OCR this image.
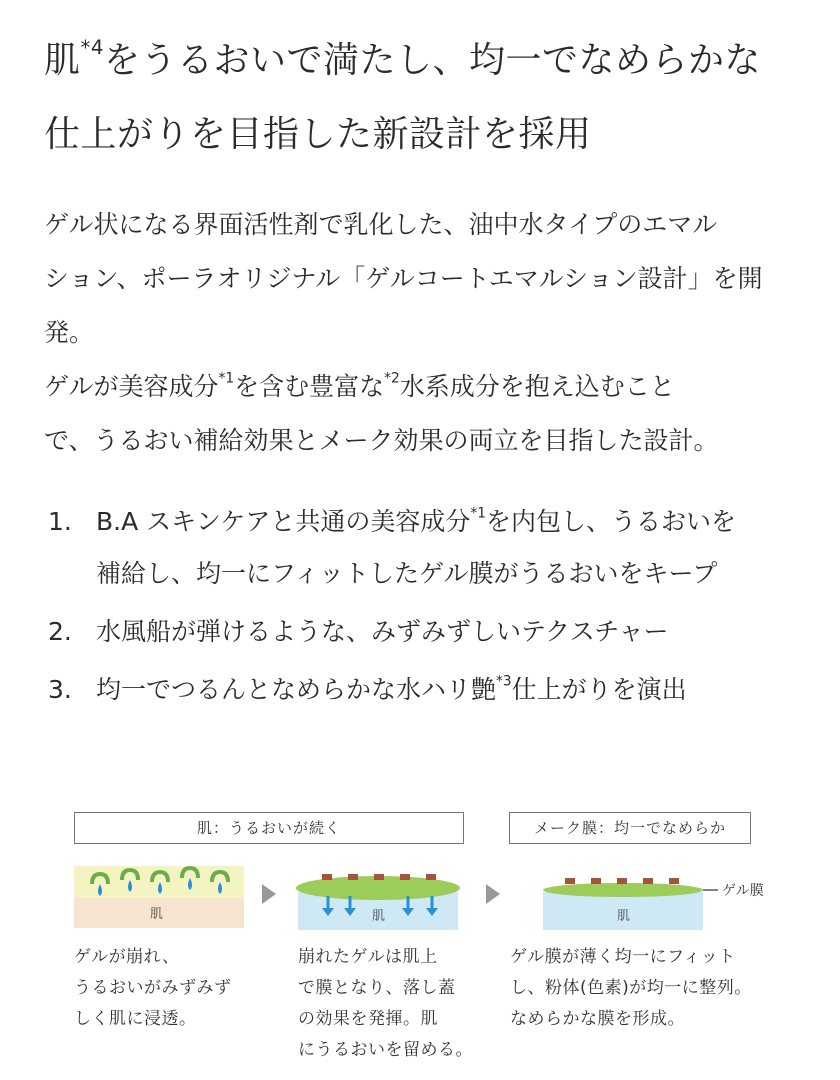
肌$^{*4}$をうるおいで満たし、均一でなめらかな
仕上がりを目指した新設計を採用

ゲル状になる界面活性剤で乳化した、油中水タイプのエマル
ション、ポーラオリジナル「ゲルコートエマルション設計」を開
発。
ゲルが美容成分$^{*1}$を含む豊富な$^{*2}$水系成分を抱え込むこと
で、うるおい補給効果とメーク効果の両立を目指した設計。

1. B.A スキンケアと共通の美容成分$^{*1}$を内包し、うるおいを
補給し、均一にフィットしたゲル膜がうるおいをキープ
2. 水風船が弾けるような、みずみずしいテクスチャー
3. 均一でつるんとなめらかな水ハリ艶$^{*3}$仕上がりを演出
肌：うるおいが続く	メーク膜：均一でなめらか
肌	肌
ゲル膜
肌

ゲルが崩れ、
うるおいがみずみず
しく肌に浸透。

崩れたゲルは肌上
で膜となり、落し蓋
の効果を発揮。肌
にうるおいを留める。

ゲル膜が薄く均一にフィット
し、粉体(色素)が均一に整列。
なめらかな膜を形成。
